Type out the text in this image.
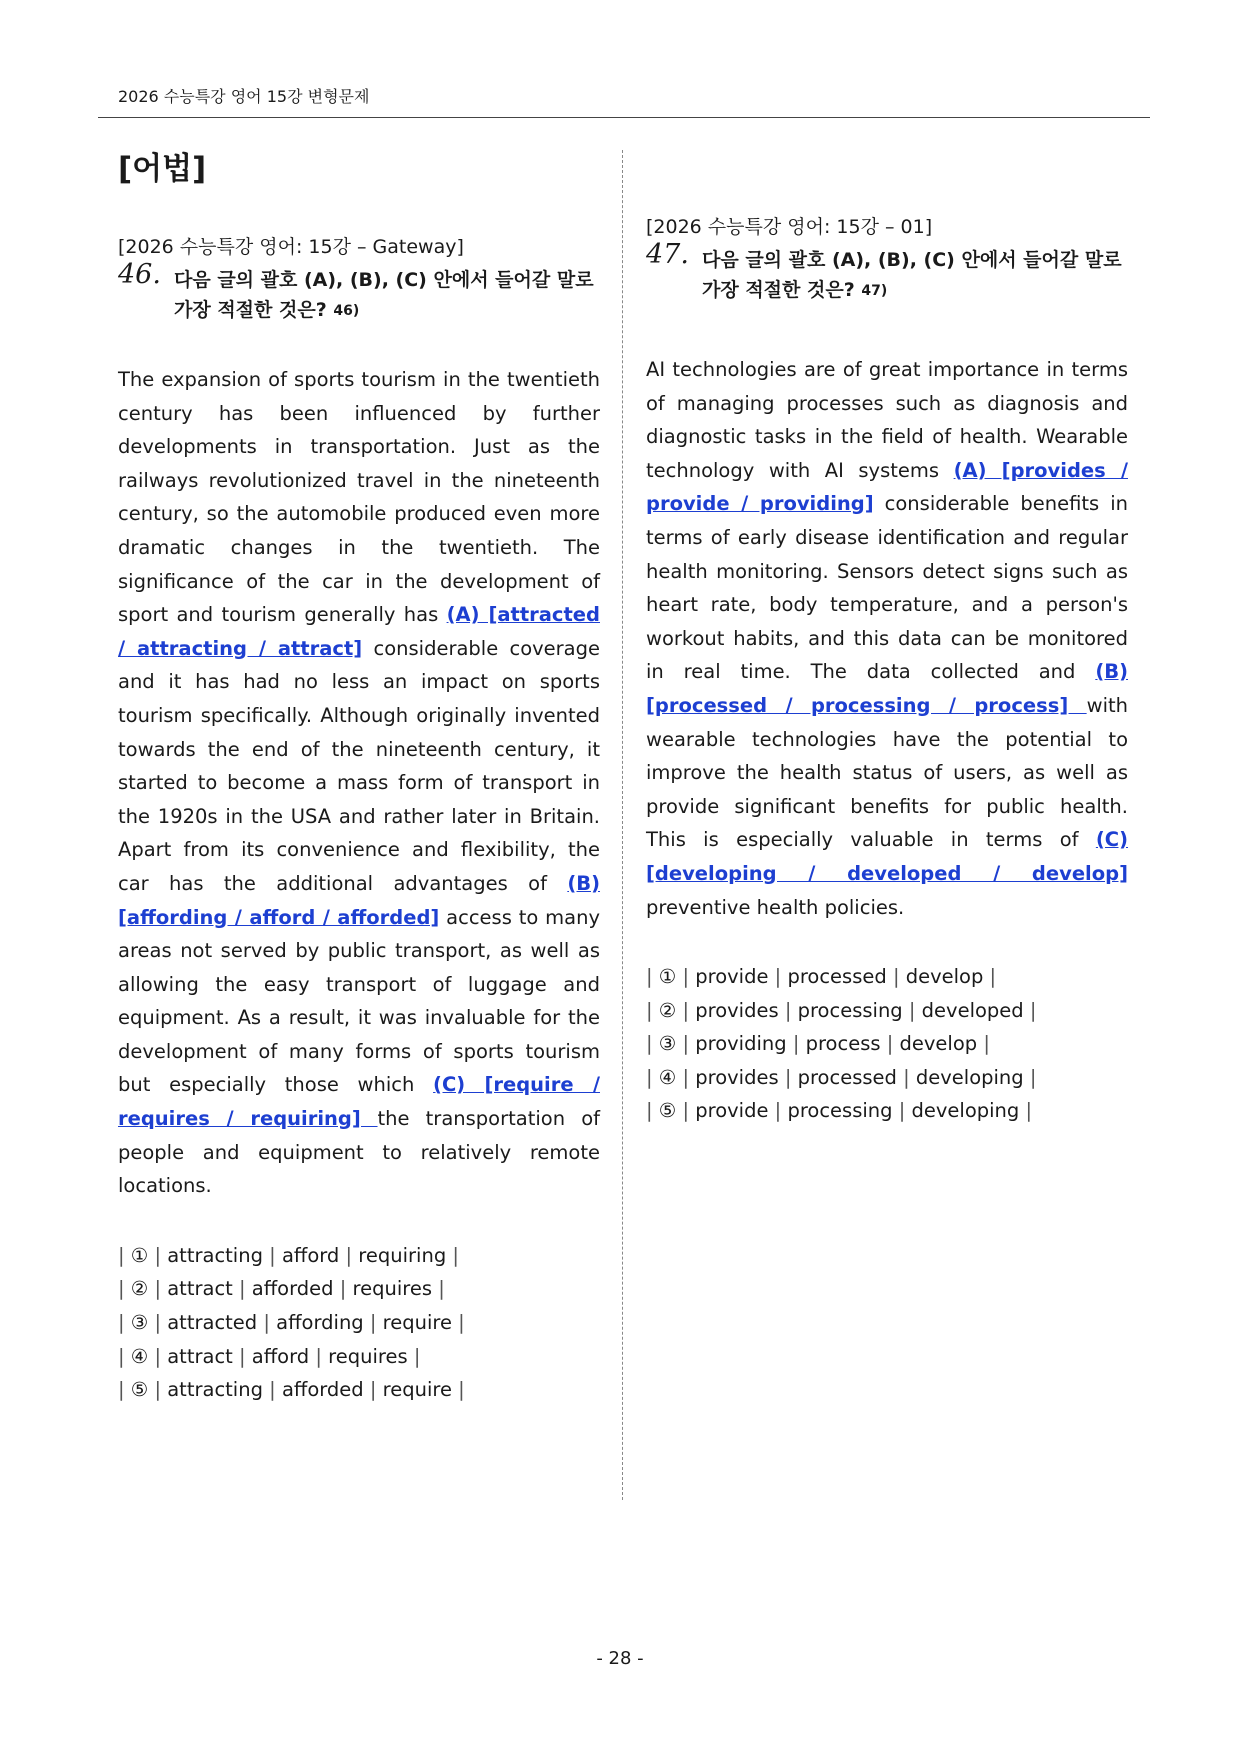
2026 수능특강 영어 15강 변형문제
[어법]

[2026 수능특강 영어: 15강 – Gateway]

46. 다음 글의 괄호 (A), (B), (C) 안에서 들어갈 말로 가장 적절한 것은? $^{46)}$

The expansion of sports tourism in the twentieth century has been influenced by further developments in transportation. Just as the railways revolutionized travel in the nineteenth century, so the automobile produced even more dramatic changes in the twentieth. The significance of the car in the development of sport and tourism generally has (A) [attracted / attracting / attract] considerable coverage and it has had no less an impact on sports tourism specifically. Although originally invented towards the end of the nineteenth century, it started to become a mass form of transport in the 1920s in the USA and rather later in Britain. Apart from its convenience and flexibility, the car has the additional advantages of (B) [affording / afford / afforded] access to many areas not served by public transport, as well as allowing the easy transport of luggage and equipment. As a result, it was invaluable for the development of many forms of sports tourism but especially those which (C) [require / requires / requiring] the transportation of people and equipment to relatively remote locations.

| ① | attracting | afford | requiring |
| ② | attract | afforded | requires |
| ③ | attracted | affording | require |
| ④ | attract | afford | requires |
| ⑤ | attracting | afforded | require |

[2026 수능특강 영어: 15강 – 01]

47. 다음 글의 괄호 (A), (B), (C) 안에서 들어갈 말로 가장 적절한 것은? $^{47)}$

AI technologies are of great importance in terms of managing processes such as diagnosis and diagnostic tasks in the field of health. Wearable technology with AI systems (A) [provides / provide / providing] considerable benefits in terms of early disease identification and regular health monitoring. Sensors detect signs such as heart rate, body temperature, and a person's workout habits, and this data can be monitored in real time. The data collected and (B) [processed / processing / process] with wearable technologies have the potential to improve the health status of users, as well as provide significant benefits for public health. This is especially valuable in terms of (C) [developing / developed / develop] preventive health policies.

| ① | provide | processed | develop |
| ② | provides | processing | developed |
| ③ | providing | process | develop |
| ④ | provides | processed | developing |
| ⑤ | provide | processing | developing |
- 28 -
